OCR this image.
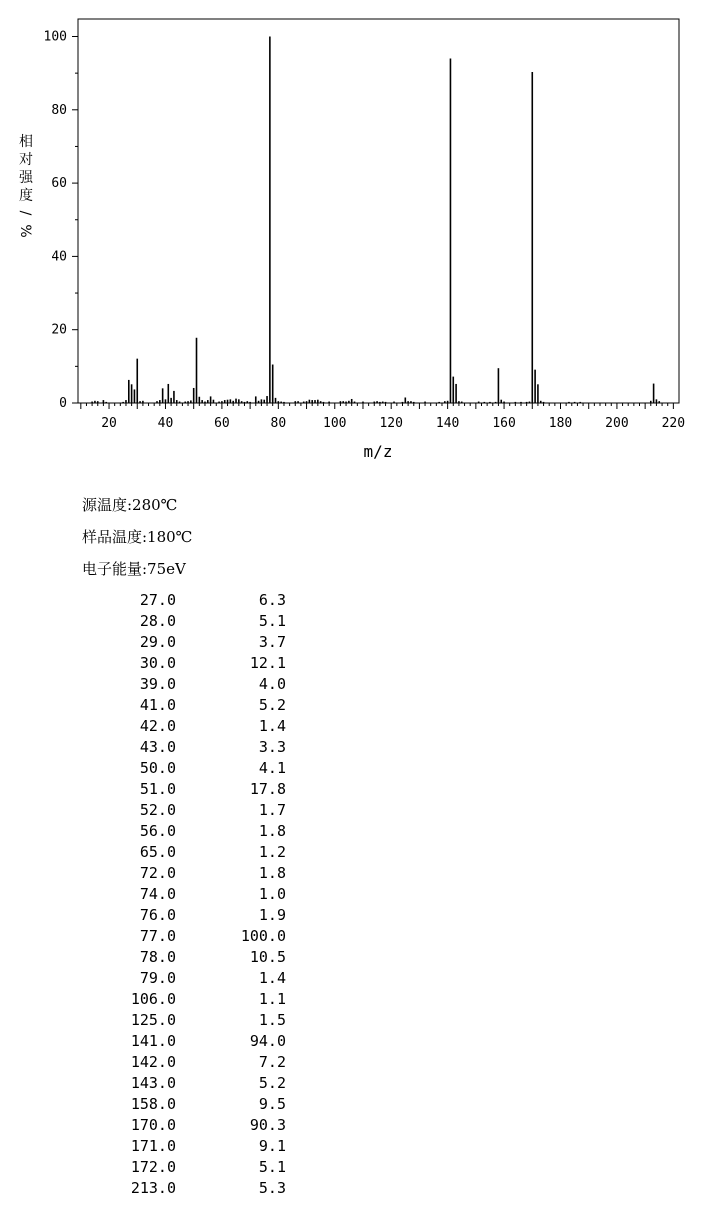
0
20
40
60
80
100
20	40	60	80	100	120	140	160	180	200	220
m/z
相
对
强
度
/
%
源温度:280℃
样品温度:180℃
电子能量:75eV
27.0	6.3
28.0	5.1
29.0	3.7
30.0	12.1
39.0	4.0
41.0	5.2
42.0	1.4
43.0	3.3
50.0	4.1
51.0	17.8
52.0	1.7
56.0	1.8
65.0	1.2
72.0	1.8
74.0	1.0
76.0	1.9
77.0	100.0
78.0	10.5
79.0	1.4
106.0	1.1
125.0	1.5
141.0	94.0
142.0	7.2
143.0	5.2
158.0	9.5
170.0	90.3
171.0	9.1
172.0	5.1
213.0	5.3
